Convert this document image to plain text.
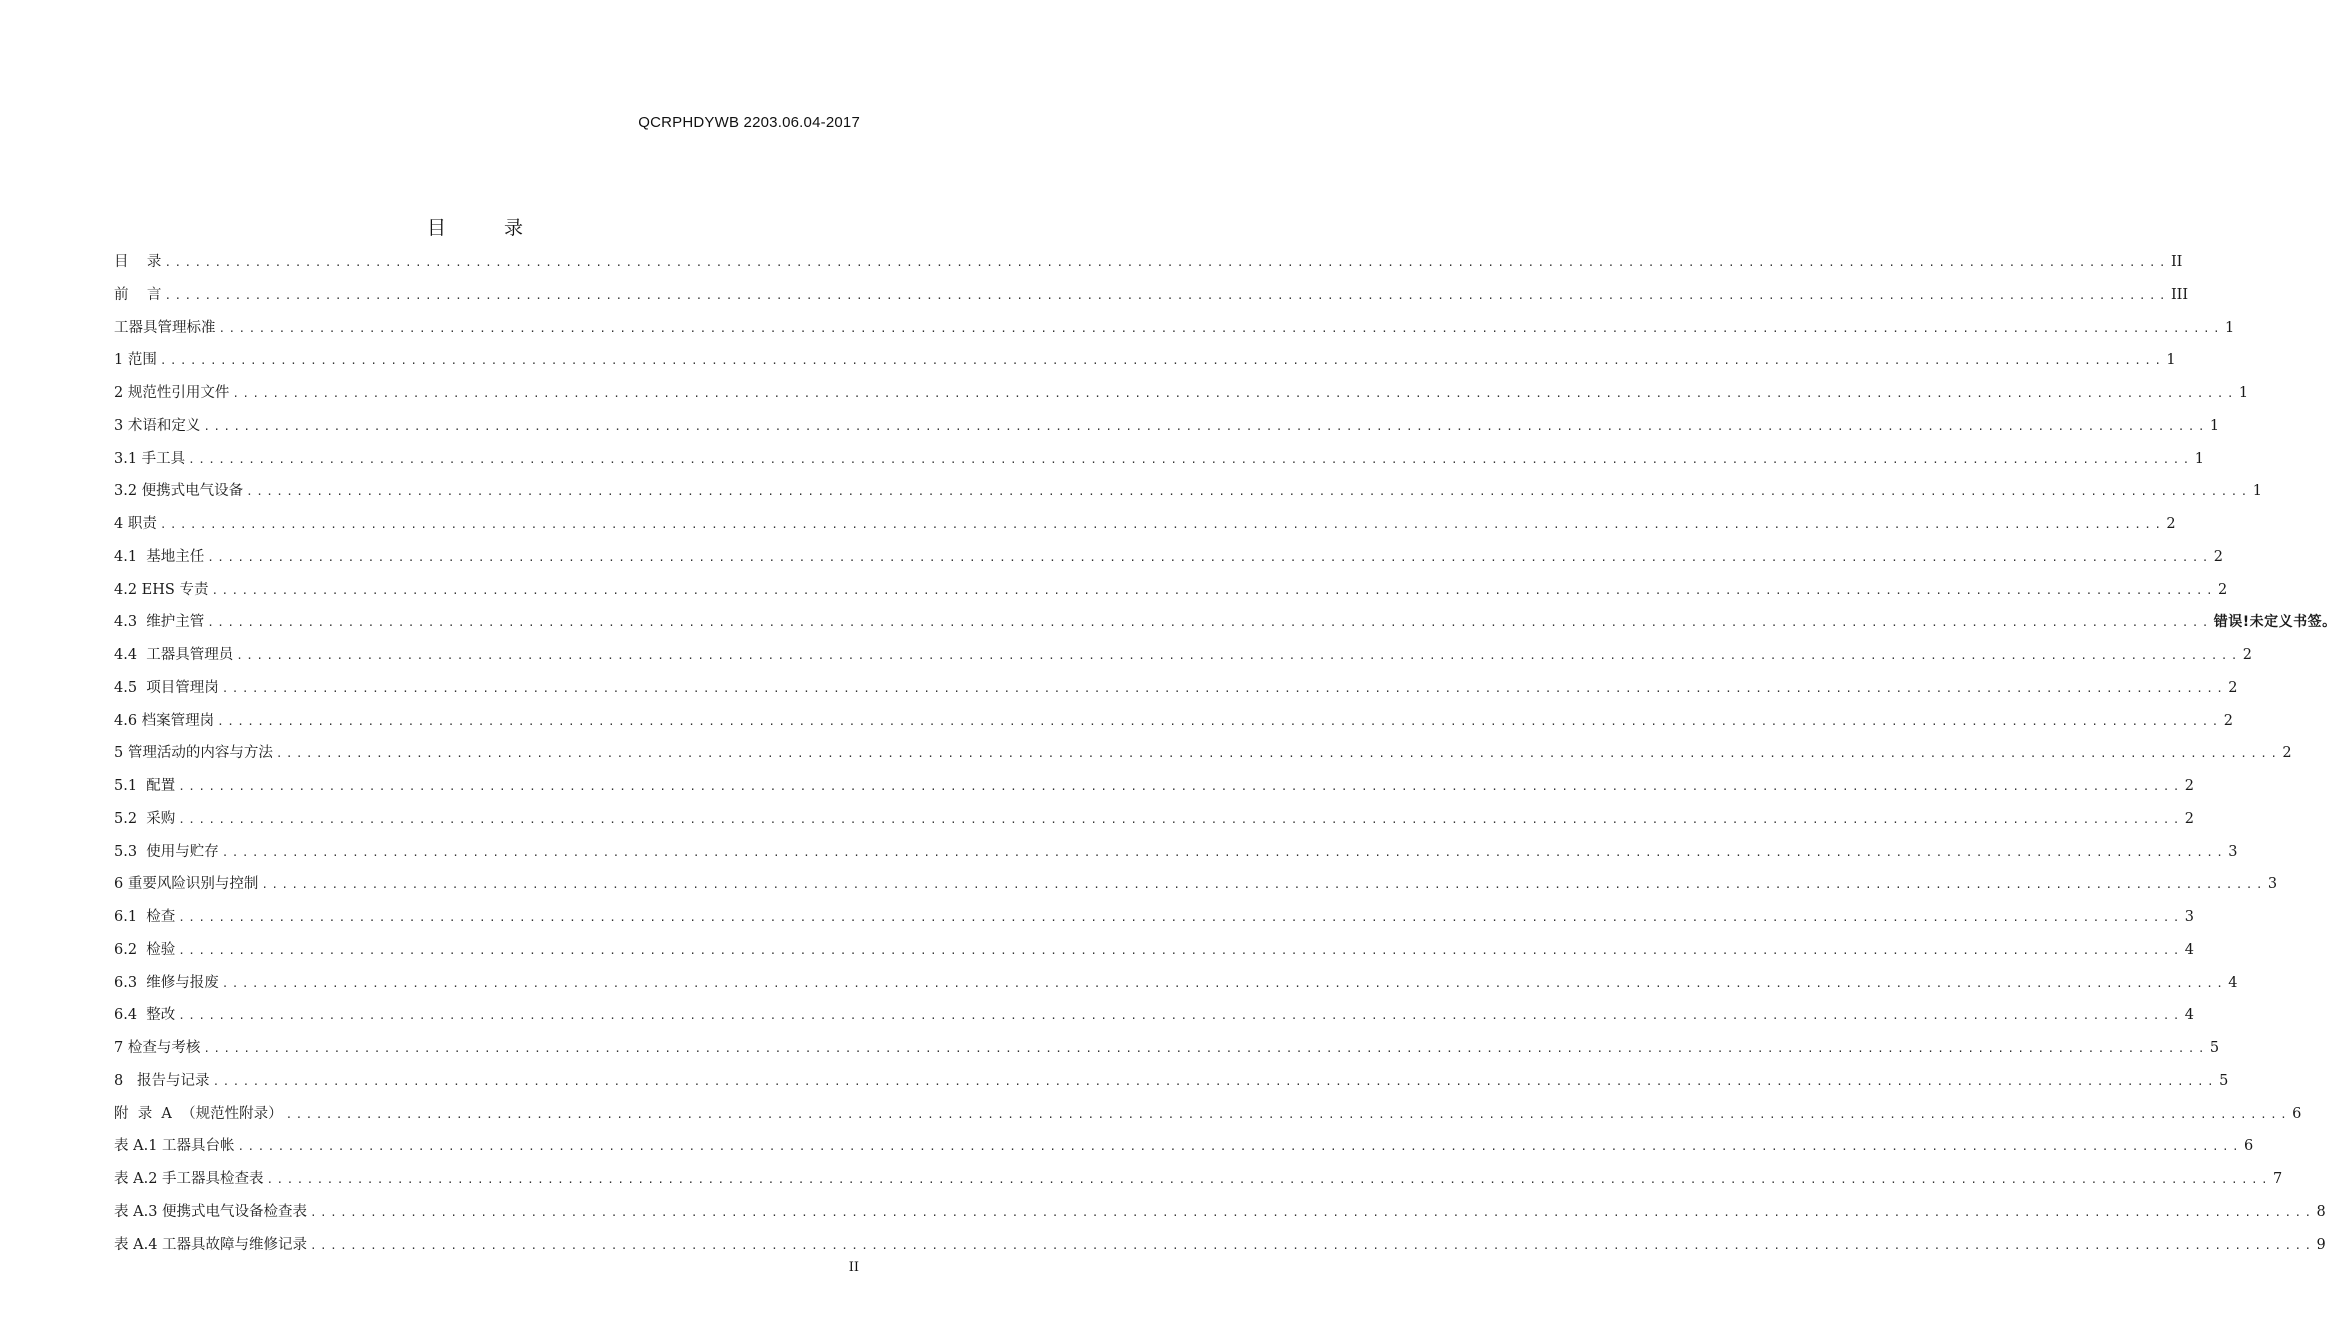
QCRPHDYWB 2203.06.04-2017
目 录
目    录 ........................................................................................................................................................................................................ II
前    言 ........................................................................................................................................................................................................ III
工器具管理标准 ........................................................................................................................................................................................................ 1
1 范围 ........................................................................................................................................................................................................ 1
2 规范性引用文件 ........................................................................................................................................................................................................ 1
3 术语和定义 ........................................................................................................................................................................................................ 1
3.1 手工具 ........................................................................................................................................................................................................ 1
3.2 便携式电气设备 ........................................................................................................................................................................................................ 1
4 职责 ........................................................................................................................................................................................................ 2
4.1  基地主任 ........................................................................................................................................................................................................ 2
4.2 EHS 专责 ........................................................................................................................................................................................................ 2
4.3  维护主管 ........................................................................................................................................................................................................ 错误!未定义书签。
4.4  工器具管理员 ........................................................................................................................................................................................................ 2
4.5  项目管理岗 ........................................................................................................................................................................................................ 2
4.6 档案管理岗 ........................................................................................................................................................................................................ 2
5 管理活动的内容与方法 ........................................................................................................................................................................................................ 2
5.1  配置 ........................................................................................................................................................................................................ 2
5.2  采购 ........................................................................................................................................................................................................ 2
5.3  使用与贮存 ........................................................................................................................................................................................................ 3
6 重要风险识别与控制 ........................................................................................................................................................................................................ 3
6.1  检查 ........................................................................................................................................................................................................ 3
6.2  检验 ........................................................................................................................................................................................................ 4
6.3  维修与报废 ........................................................................................................................................................................................................ 4
6.4  整改 ........................................................................................................................................................................................................ 4
7 检查与考核 ........................................................................................................................................................................................................ 5
8   报告与记录 ........................................................................................................................................................................................................ 5
附  录  A  （规范性附录） ........................................................................................................................................................................................................ 6
表 A.1 工器具台帐 ........................................................................................................................................................................................................ 6
表 A.2 手工器具检查表 ........................................................................................................................................................................................................ 7
表 A.3 便携式电气设备检查表 ........................................................................................................................................................................................................ 8
表 A.4 工器具故障与维修记录 ........................................................................................................................................................................................................ 9
II
